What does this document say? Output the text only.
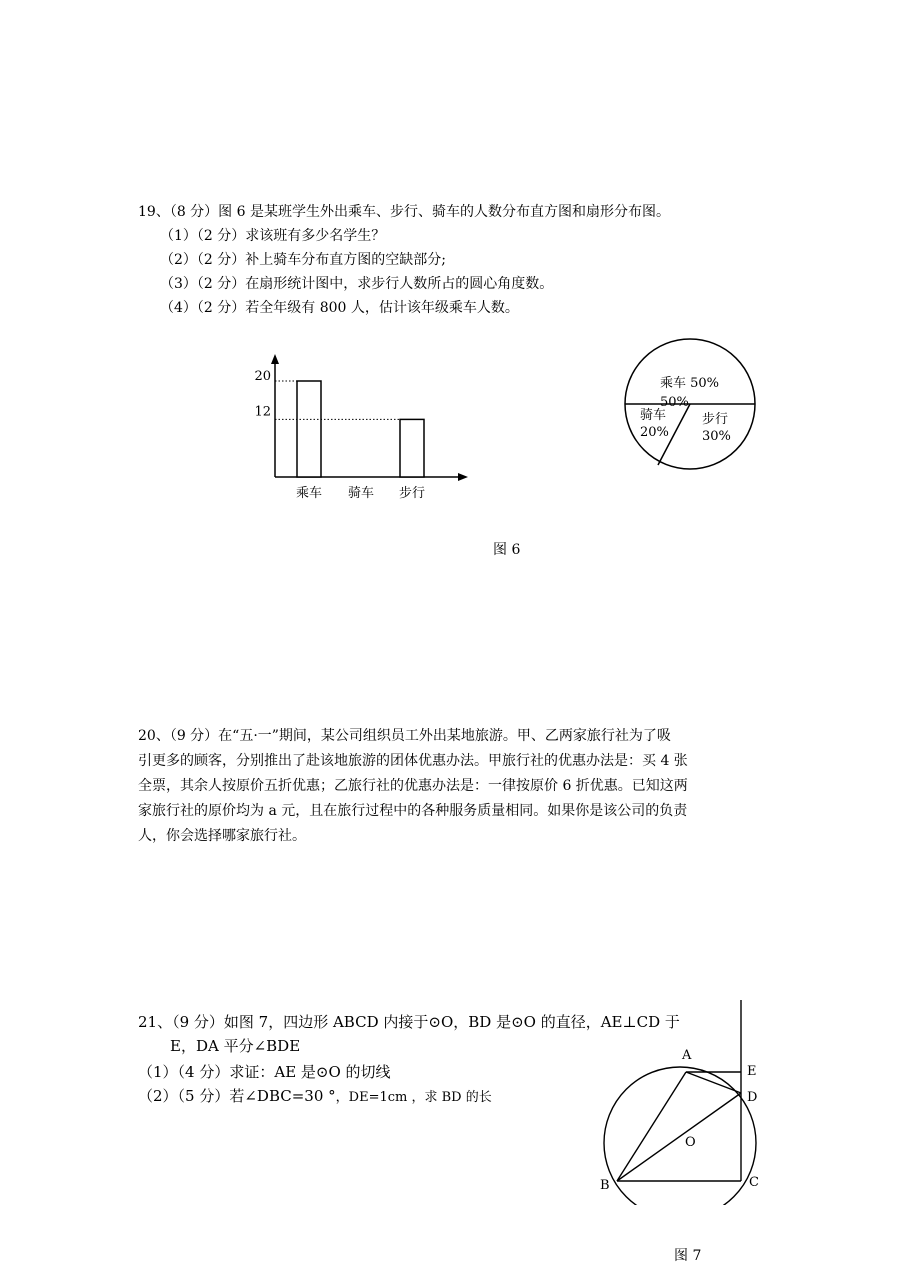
19、（8 分）图 6 是某班学生外出乘车、步行、骑车的人数分布直方图和扇形分布图。
（1）（2 分）求该班有多少名学生？
（2）（2 分）补上骑车分布直方图的空缺部分;
（3）（2 分）在扇形统计图中，求步行人数所占的圆心角度数。
（4）（2 分）若全年级有 800 人，估计该年级乘车人数。
乘车 骑车 步行
20
12
乘车 50%
50%
骑车
20%
步行
30%
图 6
20、（9 分）在“五·一”期间，某公司组织员工外出某地旅游。甲、乙两家旅行社为了吸
引更多的顾客，分别推出了赴该地旅游的团体优惠办法。甲旅行社的优惠办法是：买 4 张
全票，其余人按原价五折优惠；乙旅行社的优惠办法是：一律按原价 6 折优惠。已知这两
家旅行社的原价均为 a 元，且在旅行过程中的各种服务质量相同。如果你是该公司的负责
人，你会选择哪家旅行社。
21、（9 分）如图 7，四边形 ABCD 内接于⊙O，BD 是⊙O 的直径，AE⊥CD 于
E，DA 平分∠BDE
（1）（4 分）求证：AE 是⊙O 的切线
（2）（5 分）若∠DBC=30 °，DE=1cm ，求 BD 的长
A
E
D
O
B	C
图 7
